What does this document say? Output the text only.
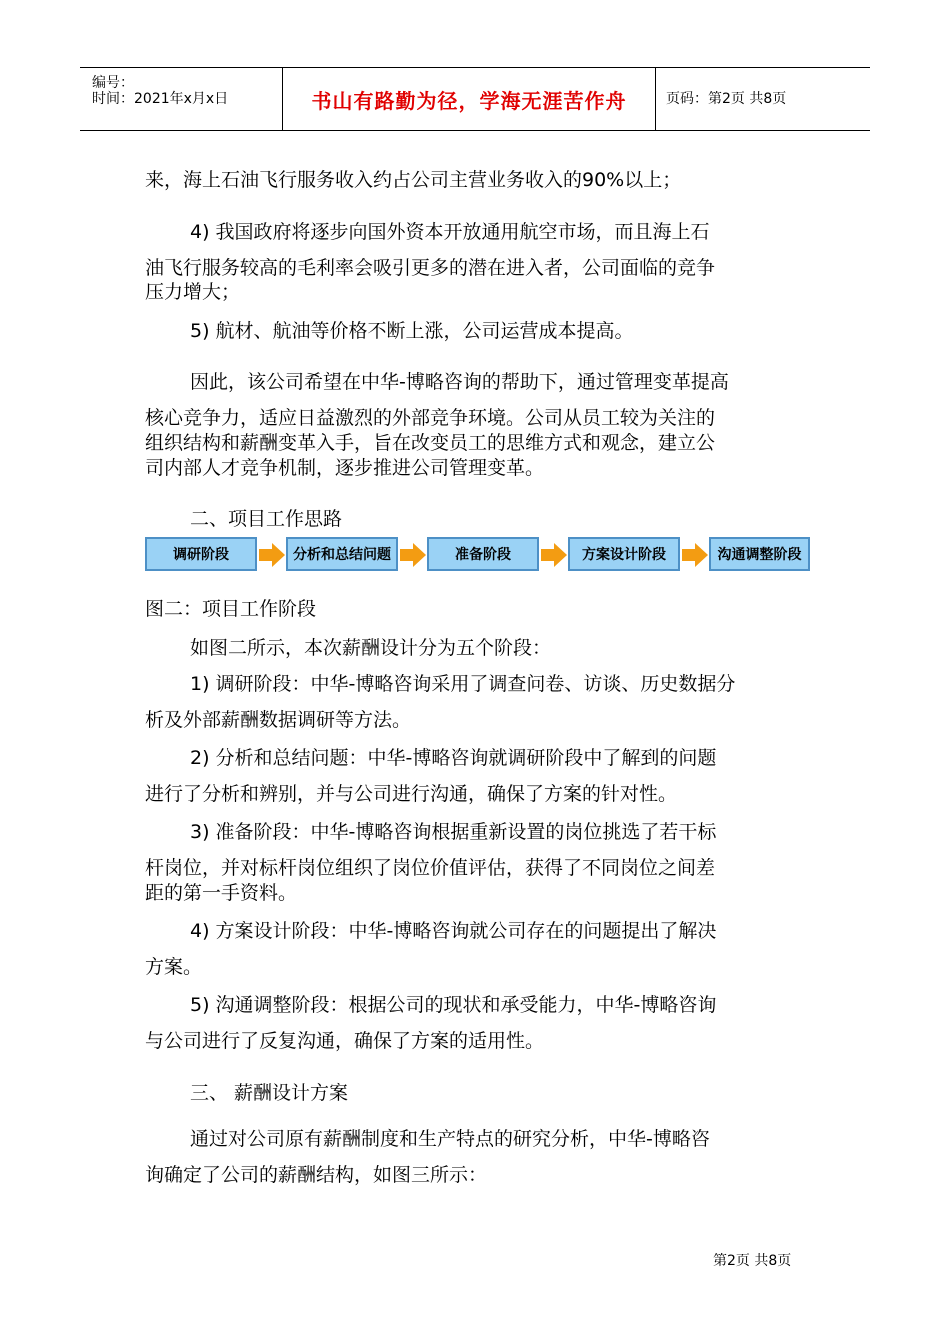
编号：
时间：2021年x月x日	书山有路勤为径，学海无涯苦作舟	页码：第2页 共8页
来，海上石油飞行服务收入约占公司主营业务收入的90%以上；
4) 我国政府将逐步向国外资本开放通用航空市场，而且海上石
油飞行服务较高的毛利率会吸引更多的潜在进入者，公司面临的竞争
压力增大；
5) 航材、航油等价格不断上涨，公司运营成本提高。
因此，该公司希望在中华-博略咨询的帮助下，通过管理变革提高
核心竞争力，适应日益激烈的外部竞争环境。公司从员工较为关注的
组织结构和薪酬变革入手，旨在改变员工的思维方式和观念，建立公
司内部人才竞争机制，逐步推进公司管理变革。
二、项目工作思路
调研阶段	分析和总结问题	准备阶段	方案设计阶段	沟通调整阶段
图二：项目工作阶段
如图二所示，本次薪酬设计分为五个阶段：
1) 调研阶段：中华-博略咨询采用了调查问卷、访谈、历史数据分
析及外部薪酬数据调研等方法。
2) 分析和总结问题：中华-博略咨询就调研阶段中了解到的问题
进行了分析和辨别，并与公司进行沟通，确保了方案的针对性。
3) 准备阶段：中华-博略咨询根据重新设置的岗位挑选了若干标
杆岗位，并对标杆岗位组织了岗位价值评估，获得了不同岗位之间差
距的第一手资料。
4) 方案设计阶段：中华-博略咨询就公司存在的问题提出了解决
方案。
5) 沟通调整阶段：根据公司的现状和承受能力，中华-博略咨询
与公司进行了反复沟通，确保了方案的适用性。
三、 薪酬设计方案
通过对公司原有薪酬制度和生产特点的研究分析，中华-博略咨
询确定了公司的薪酬结构，如图三所示：
第2页 共8页
